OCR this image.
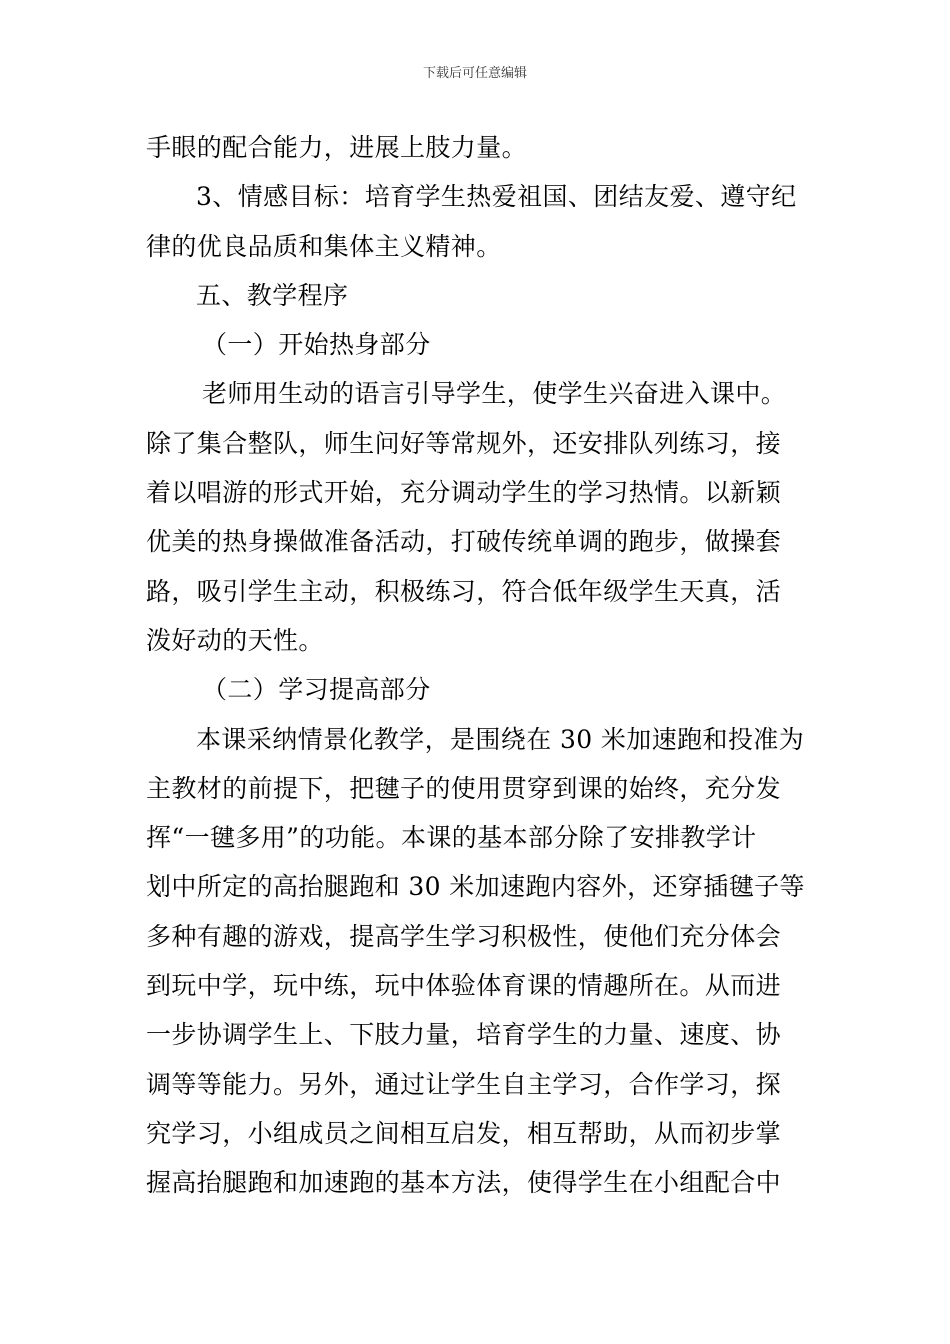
下载后可任意编辑
手眼的配合能力，进展上肢力量。
3、情感目标：培育学生热爱祖国、团结友爱、遵守纪
律的优良品质和集体主义精神。
五、教学程序
（一）开始热身部分
老师用生动的语言引导学生，使学生兴奋进入课中。
除了集合整队，师生问好等常规外，还安排队列练习，接
着以唱游的形式开始，充分调动学生的学习热情。以新颖
优美的热身操做准备活动，打破传统单调的跑步，做操套
路，吸引学生主动，积极练习，符合低年级学生天真，活
泼好动的天性。
（二）学习提高部分
本课采纳情景化教学，是围绕在 30 米加速跑和投准为
主教材的前提下，把毽子的使用贯穿到课的始终，充分发
挥“一毽多用”的功能。本课的基本部分除了安排教学计
划中所定的高抬腿跑和 30 米加速跑内容外，还穿插毽子等
多种有趣的游戏，提高学生学习积极性，使他们充分体会
到玩中学，玩中练，玩中体验体育课的情趣所在。从而进
一步协调学生上、下肢力量，培育学生的力量、速度、协
调等等能力。另外，通过让学生自主学习，合作学习，探
究学习，小组成员之间相互启发，相互帮助，从而初步掌
握高抬腿跑和加速跑的基本方法，使得学生在小组配合中
